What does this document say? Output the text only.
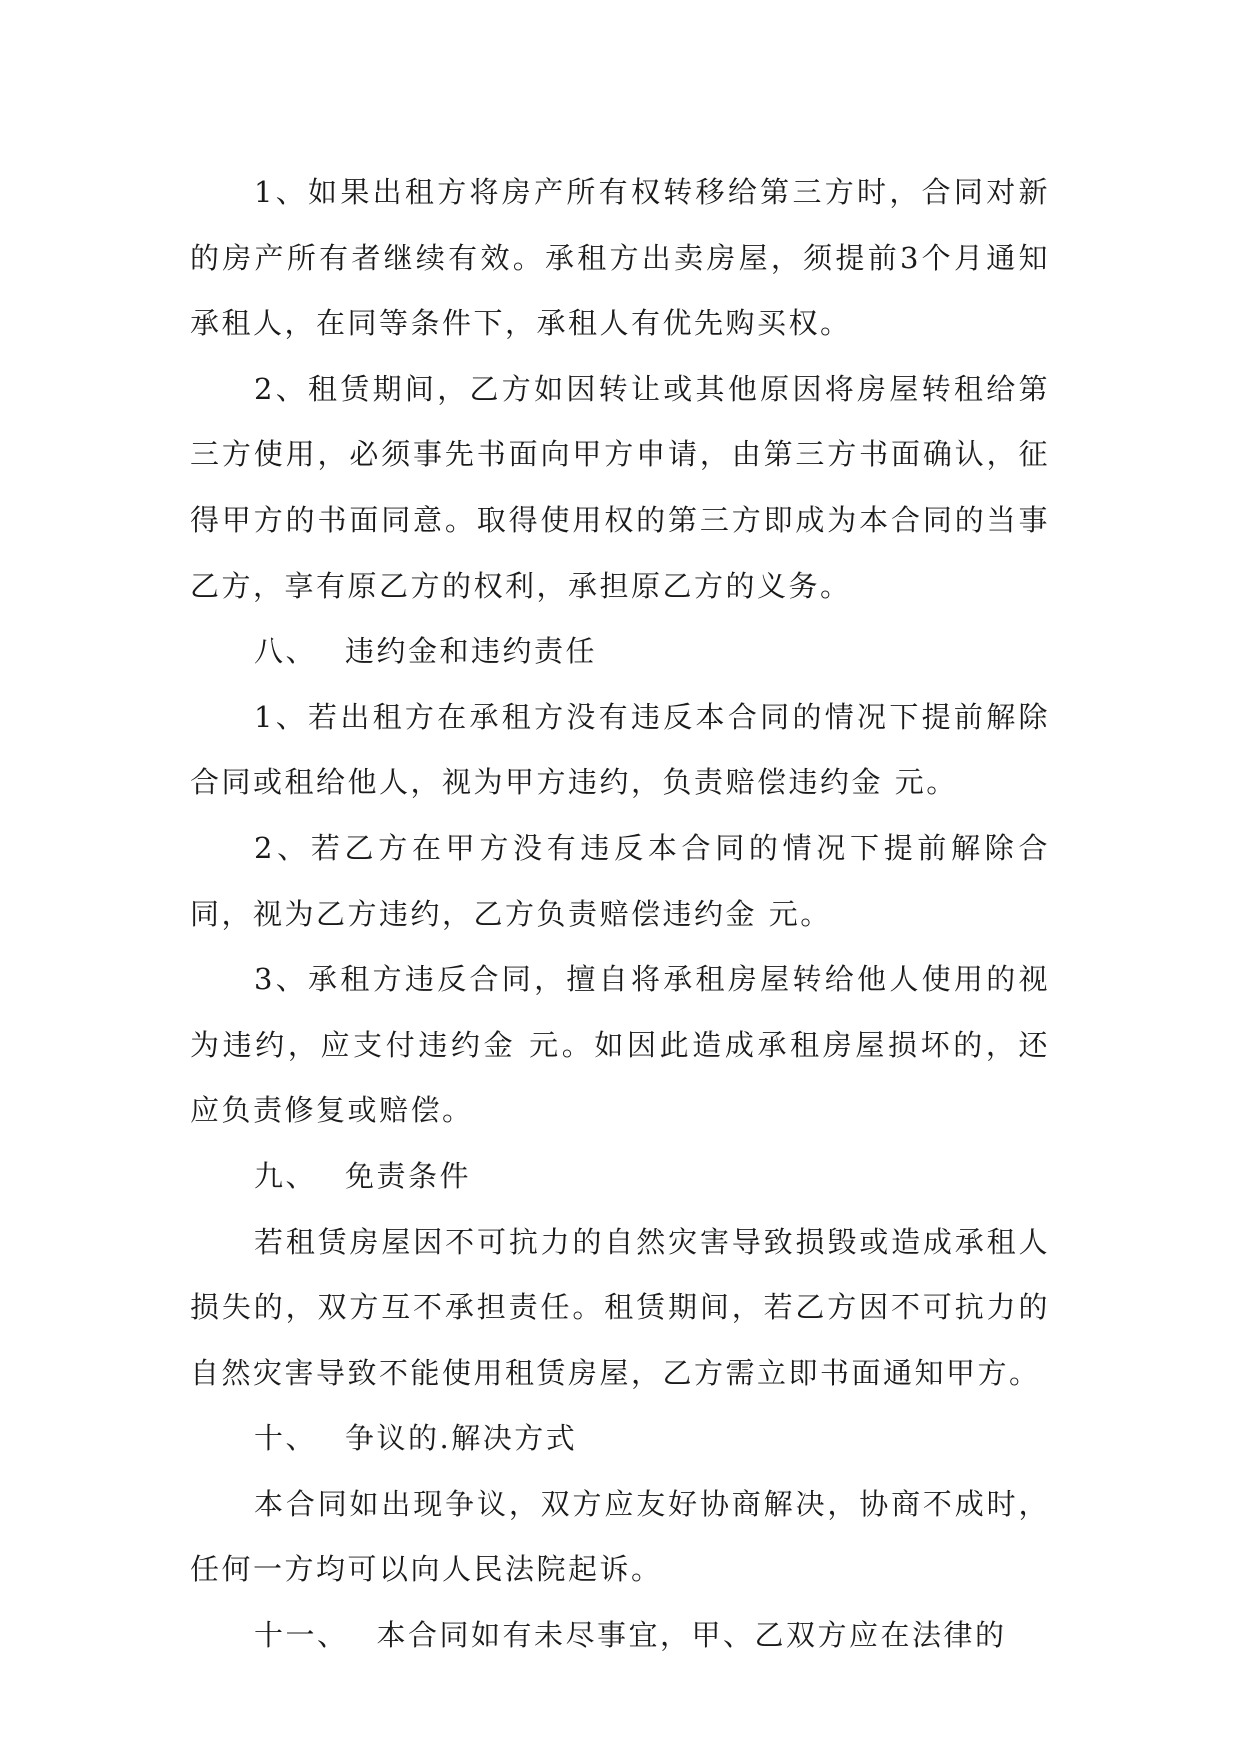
1、如果出租方将房产所有权转移给第三方时，合同对新的房产所有者继续有效。承租方出卖房屋，须提前3个月通知承租人，在同等条件下，承租人有优先购买权。

2、租赁期间，乙方如因转让或其他原因将房屋转租给第三方使用，必须事先书面向甲方申请，由第三方书面确认，征得甲方的书面同意。取得使用权的第三方即成为本合同的当事乙方，享有原乙方的权利，承担原乙方的义务。

八、 违约金和违约责任

1、若出租方在承租方没有违反本合同的情况下提前解除合同或租给他人，视为甲方违约，负责赔偿违约金 元。

2、若乙方在甲方没有违反本合同的情况下提前解除合同，视为乙方违约，乙方负责赔偿违约金 元。

3、承租方违反合同，擅自将承租房屋转给他人使用的视为违约，应支付违约金 元。如因此造成承租房屋损坏的，还应负责修复或赔偿。

九、 免责条件

若租赁房屋因不可抗力的自然灾害导致损毁或造成承租人损失的，双方互不承担责任。租赁期间，若乙方因不可抗力的自然灾害导致不能使用租赁房屋，乙方需立即书面通知甲方。

十、 争议的.解决方式

本合同如出现争议，双方应友好协商解决，协商不成时，任何一方均可以向人民法院起诉。

十一、 本合同如有未尽事宜，甲、乙双方应在法律的
